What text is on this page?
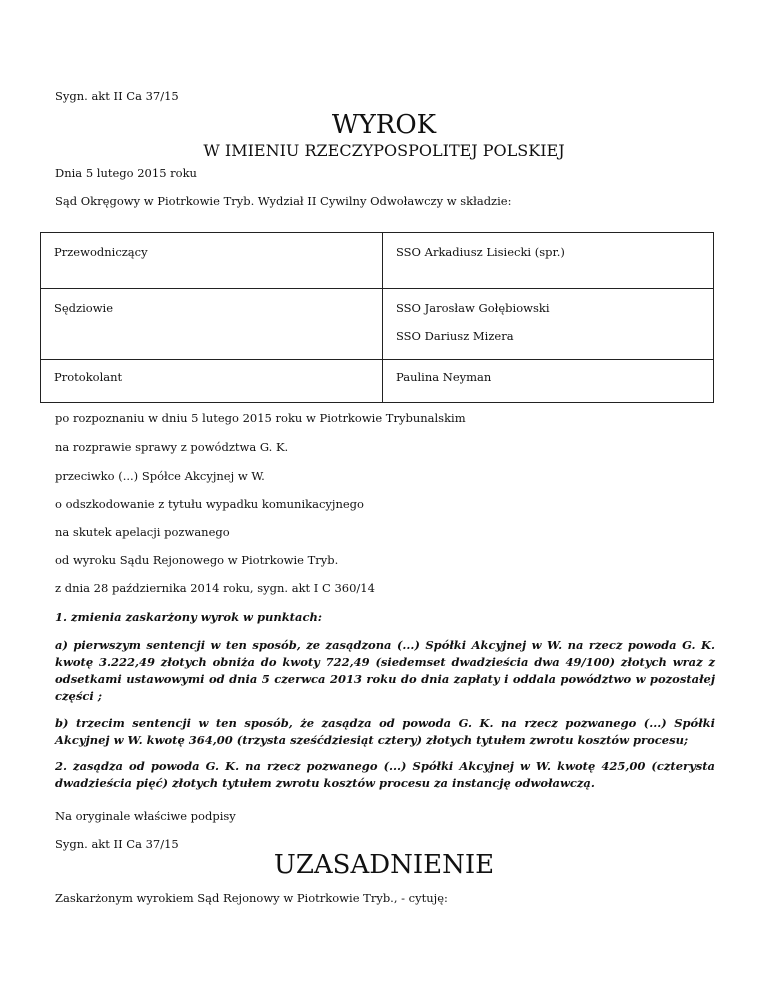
Sygn. akt II Ca 37/15

WYROK

W IMIENIU RZECZYPOSPOLITEJ POLSKIEJ

Dnia 5 lutego 2015 roku

Sąd Okręgowy w Piotrkowie Tryb. Wydział II Cywilny Odwoławczy w składzie:

Przewodniczący	SSO Arkadiusz Lisiecki (spr.)
Sędziowie	SSO Jarosław Gołębiowski
SSO Dariusz Mizera
Protokolant	Paulina Neyman

po rozpoznaniu w dniu 5 lutego 2015 roku w Piotrkowie Trybunalskim

na rozprawie sprawy z powództwa G. K.

przeciwko (...) Spółce Akcyjnej w W.

o odszkodowanie z tytułu wypadku komunikacyjnego

na skutek apelacji pozwanego

od wyroku Sądu Rejonowego w Piotrkowie Tryb.

z dnia 28 października 2014 roku, sygn. akt I C 360/14

1. zmienia zaskarżony wyrok w punktach:

a) pierwszym sentencji w ten sposób, ze zasądzona (...) Spółki Akcyjnej w W. na rzecz powoda G. K. kwotę 3.222,49 złotych obniża do kwoty 722,49 (siedemset dwadzieścia dwa 49/100) złotych wraz z odsetkami ustawowymi od dnia 5 czerwca 2013 roku do dnia zapłaty i oddala powództwo w pozostałej części ;

b) trzecim sentencji w ten sposób, że zasądza od powoda G. K. na rzecz pozwanego (...) Spółki Akcyjnej w W. kwotę 364,00 (trzysta sześćdziesiąt cztery) złotych tytułem zwrotu kosztów procesu;

2. zasądza od powoda G. K. na rzecz pozwanego (...) Spółki Akcyjnej w W. kwotę 425,00 (czterysta dwadzieścia pięć) złotych tytułem zwrotu kosztów procesu za instancję odwoławczą.

Na oryginale właściwe podpisy

Sygn. akt II Ca 37/15

UZASADNIENIE

Zaskarżonym wyrokiem Sąd Rejonowy w Piotrkowie Tryb., - cytuję:
